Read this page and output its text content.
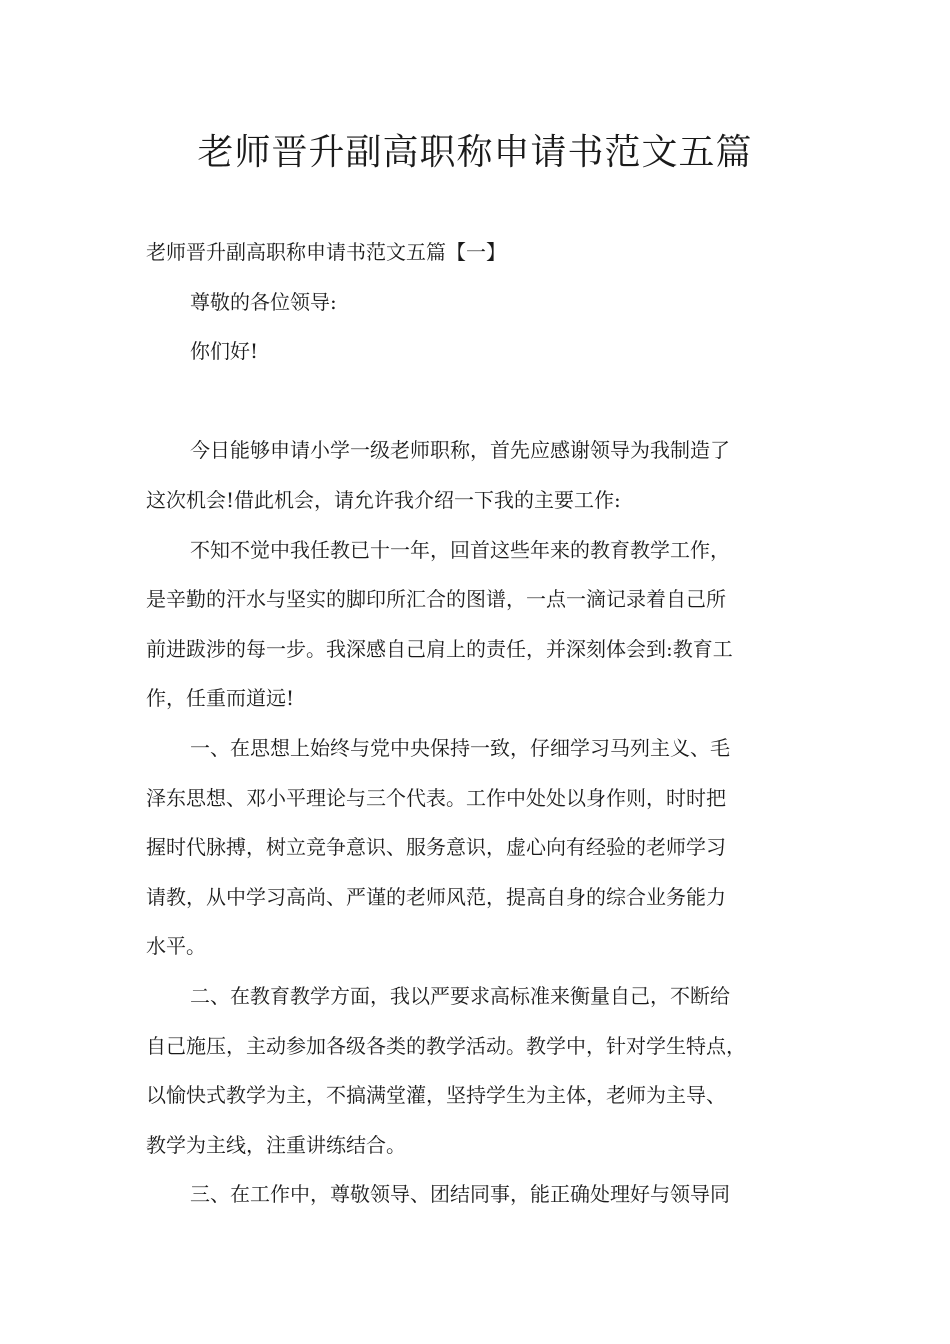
老师晋升副高职称申请书范文五篇

老师晋升副高职称申请书范文五篇【一】

尊敬的各位领导:

你们好!

今日能够申请小学一级老师职称，首先应感谢领导为我制造了
这次机会!借此机会，请允许我介绍一下我的主要工作:

不知不觉中我任教已十一年，回首这些年来的教育教学工作，
是辛勤的汗水与坚实的脚印所汇合的图谱，一点一滴记录着自己所
前进跋涉的每一步。我深感自己肩上的责任，并深刻体会到:教育工
作，任重而道远!

一、在思想上始终与党中央保持一致，仔细学习马列主义、毛
泽东思想、邓小平理论与三个代表。工作中处处以身作则，时时把
握时代脉搏，树立竞争意识、服务意识，虚心向有经验的老师学习
请教，从中学习高尚、严谨的老师风范，提高自身的综合业务能力
水平。

二、在教育教学方面，我以严要求高标准来衡量自己，不断给
自己施压，主动参加各级各类的教学活动。教学中，针对学生特点，
以愉快式教学为主，不搞满堂灌，坚持学生为主体，老师为主导、
教学为主线，注重讲练结合。

三、在工作中，尊敬领导、团结同事，能正确处理好与领导同
